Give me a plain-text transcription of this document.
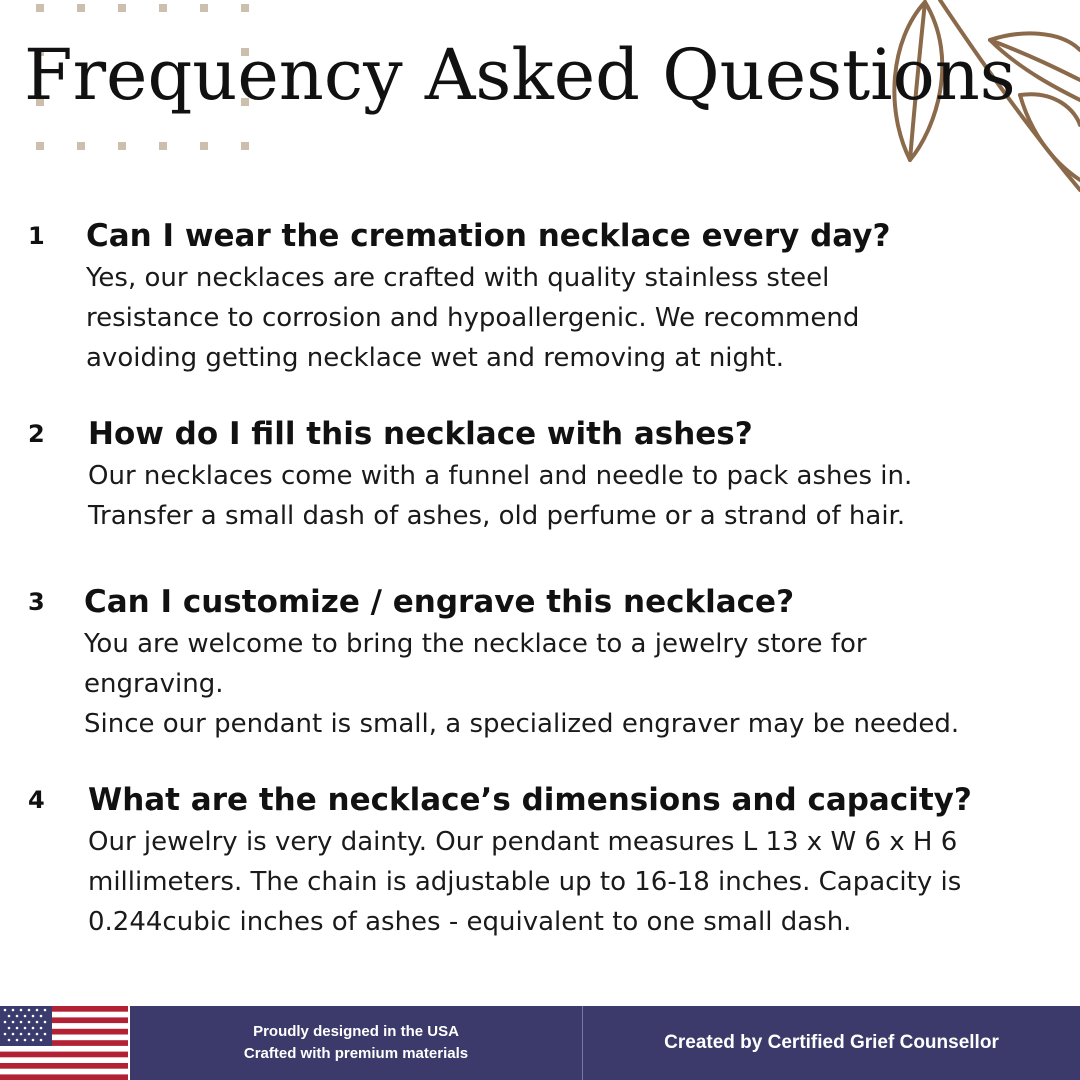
Frequency Asked Questions
1 Can I wear the cremation necklace every day?

Yes, our necklaces are crafted with quality stainless steel
resistance to corrosion and hypoallergenic. We recommend
avoiding getting necklace wet and removing at night.

2 How do I fill this necklace with ashes?

Our necklaces come with a funnel and needle to pack ashes in.
Transfer a small dash of ashes, old perfume or a strand of hair.

3 Can I customize / engrave this necklace?

You are welcome to bring the necklace to a jewelry store for
engraving.
Since our pendant is small, a specialized engraver may be needed.

4 What are the necklace’s dimensions and capacity?

Our jewelry is very dainty. Our pendant measures L 13 x W 6 x H 6
millimeters. The chain is adjustable up to 16-18 inches. Capacity is
0.244cubic inches of ashes - equivalent to one small dash.

Proudly designed in the USA
Crafted with premium materials
Created by Certified Grief Counsellor
